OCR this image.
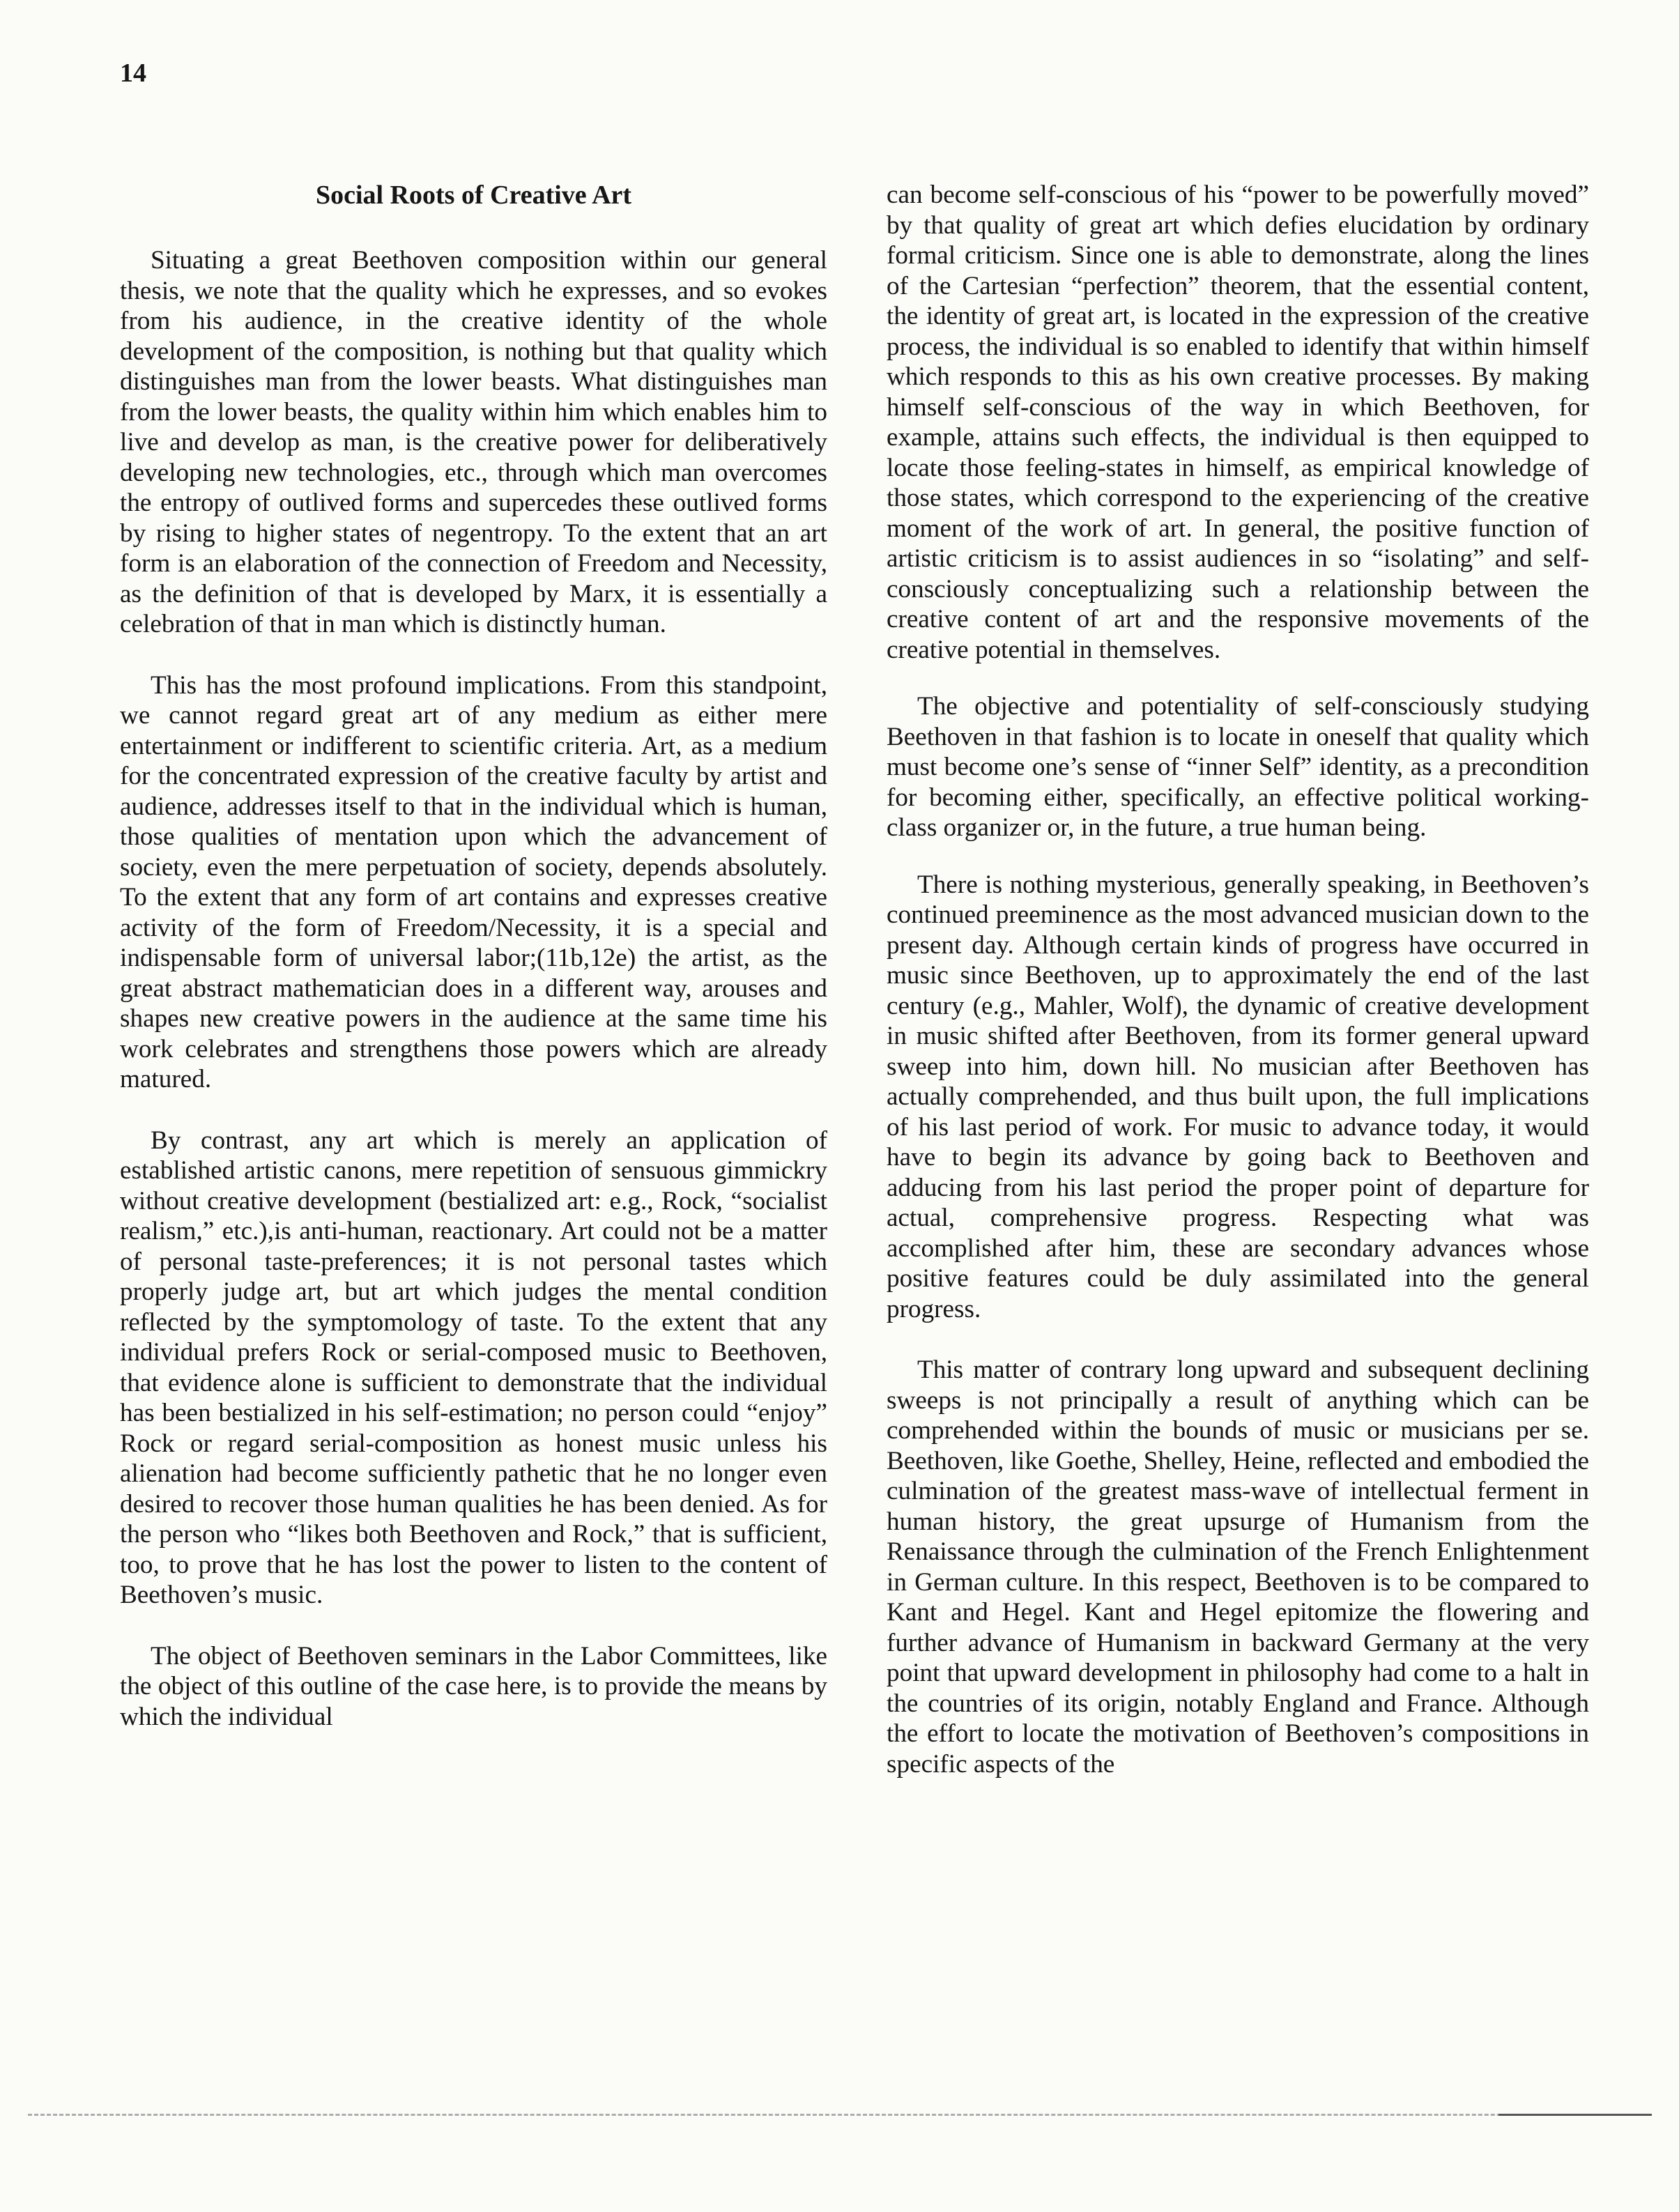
14
Social Roots of Creative Art

Situating a great Beethoven composition within our general thesis, we note that the quality which he expresses, and so evokes from his audience, in the creative identity of the whole development of the composition, is nothing but that quality which distinguishes man from the lower beasts. What distinguishes man from the lower beasts, the quality within him which enables him to live and develop as man, is the creative power for deliberatively developing new technologies, etc., through which man overcomes the entropy of outlived forms and supercedes these outlived forms by rising to higher states of negentropy. To the extent that an art form is an elaboration of the connection of Freedom and Necessity, as the definition of that is developed by Marx, it is essentially a celebration of that in man which is distinctly human.

This has the most profound implications. From this standpoint, we cannot regard great art of any medium as either mere entertainment or indifferent to scientific criteria. Art, as a medium for the concentrated expression of the creative faculty by artist and audience, addresses itself to that in the individual which is human, those qualities of mentation upon which the advancement of society, even the mere perpetuation of society, depends absolutely. To the extent that any form of art contains and expresses creative activity of the form of Freedom/Necessity, it is a special and indispensable form of universal labor;(11b,12e) the artist, as the great abstract mathematician does in a different way, arouses and shapes new creative powers in the audience at the same time his work celebrates and strengthens those powers which are already matured.

By contrast, any art which is merely an application of established artistic canons, mere repetition of sensuous gimmickry without creative development (bestialized art: e.g., Rock, “socialist realism,” etc.),is anti-human, reactionary. Art could not be a matter of personal taste-preferences; it is not personal tastes which properly judge art, but art which judges the mental condition reflected by the symptomology of taste. To the extent that any individual prefers Rock or serial-composed music to Beethoven, that evidence alone is sufficient to demonstrate that the individual has been bestialized in his self-estimation; no person could “enjoy” Rock or regard serial-composition as honest music unless his alienation had become sufficiently pathetic that he no longer even desired to recover those human qualities he has been denied. As for the person who “likes both Beethoven and Rock,” that is sufficient, too, to prove that he has lost the power to listen to the content of Beethoven’s music.

The object of Beethoven seminars in the Labor Committees, like the object of this outline of the case here, is to provide the means by which the individual

can become self-conscious of his “power to be powerfully moved” by that quality of great art which defies elucidation by ordinary formal criticism. Since one is able to demonstrate, along the lines of the Cartesian “perfection” theorem, that the essential content, the identity of great art, is located in the expression of the creative process, the individual is so enabled to identify that within himself which responds to this as his own creative processes. By making himself self-conscious of the way in which Beethoven, for example, attains such effects, the individual is then equipped to locate those feeling-states in himself, as empirical knowledge of those states, which correspond to the experiencing of the creative moment of the work of art. In general, the positive function of artistic criticism is to assist audiences in so “isolating” and self-consciously conceptualizing such a relationship between the creative content of art and the responsive movements of the creative potential in themselves.

The objective and potentiality of self-consciously studying Beethoven in that fashion is to locate in oneself that quality which must become one’s sense of “inner Self” identity, as a precondition for becoming either, specifically, an effective political working-class organizer or, in the future, a true human being.

There is nothing mysterious, generally speaking, in Beethoven’s continued preeminence as the most advanced musician down to the present day. Although certain kinds of progress have occurred in music since Beethoven, up to approximately the end of the last century (e.g., Mahler, Wolf), the dynamic of creative development in music shifted after Beethoven, from its former general upward sweep into him, down hill. No musician after Beethoven has actually comprehended, and thus built upon, the full implications of his last period of work. For music to advance today, it would have to begin its advance by going back to Beethoven and adducing from his last period the proper point of departure for actual, comprehensive progress. Respecting what was accomplished after him, these are secondary advances whose positive features could be duly assimilated into the general progress.

This matter of contrary long upward and subsequent declining sweeps is not principally a result of anything which can be comprehended within the bounds of music or musicians per se. Beethoven, like Goethe, Shelley, Heine, reflected and embodied the culmination of the greatest mass-wave of intellectual ferment in human history, the great upsurge of Humanism from the Renaissance through the culmination of the French Enlightenment in German culture. In this respect, Beethoven is to be compared to Kant and Hegel. Kant and Hegel epitomize the flowering and further advance of Humanism in backward Germany at the very point that upward development in philosophy had come to a halt in the countries of its origin, notably England and France. Although the effort to locate the motivation of Beethoven’s compositions in specific aspects of the
